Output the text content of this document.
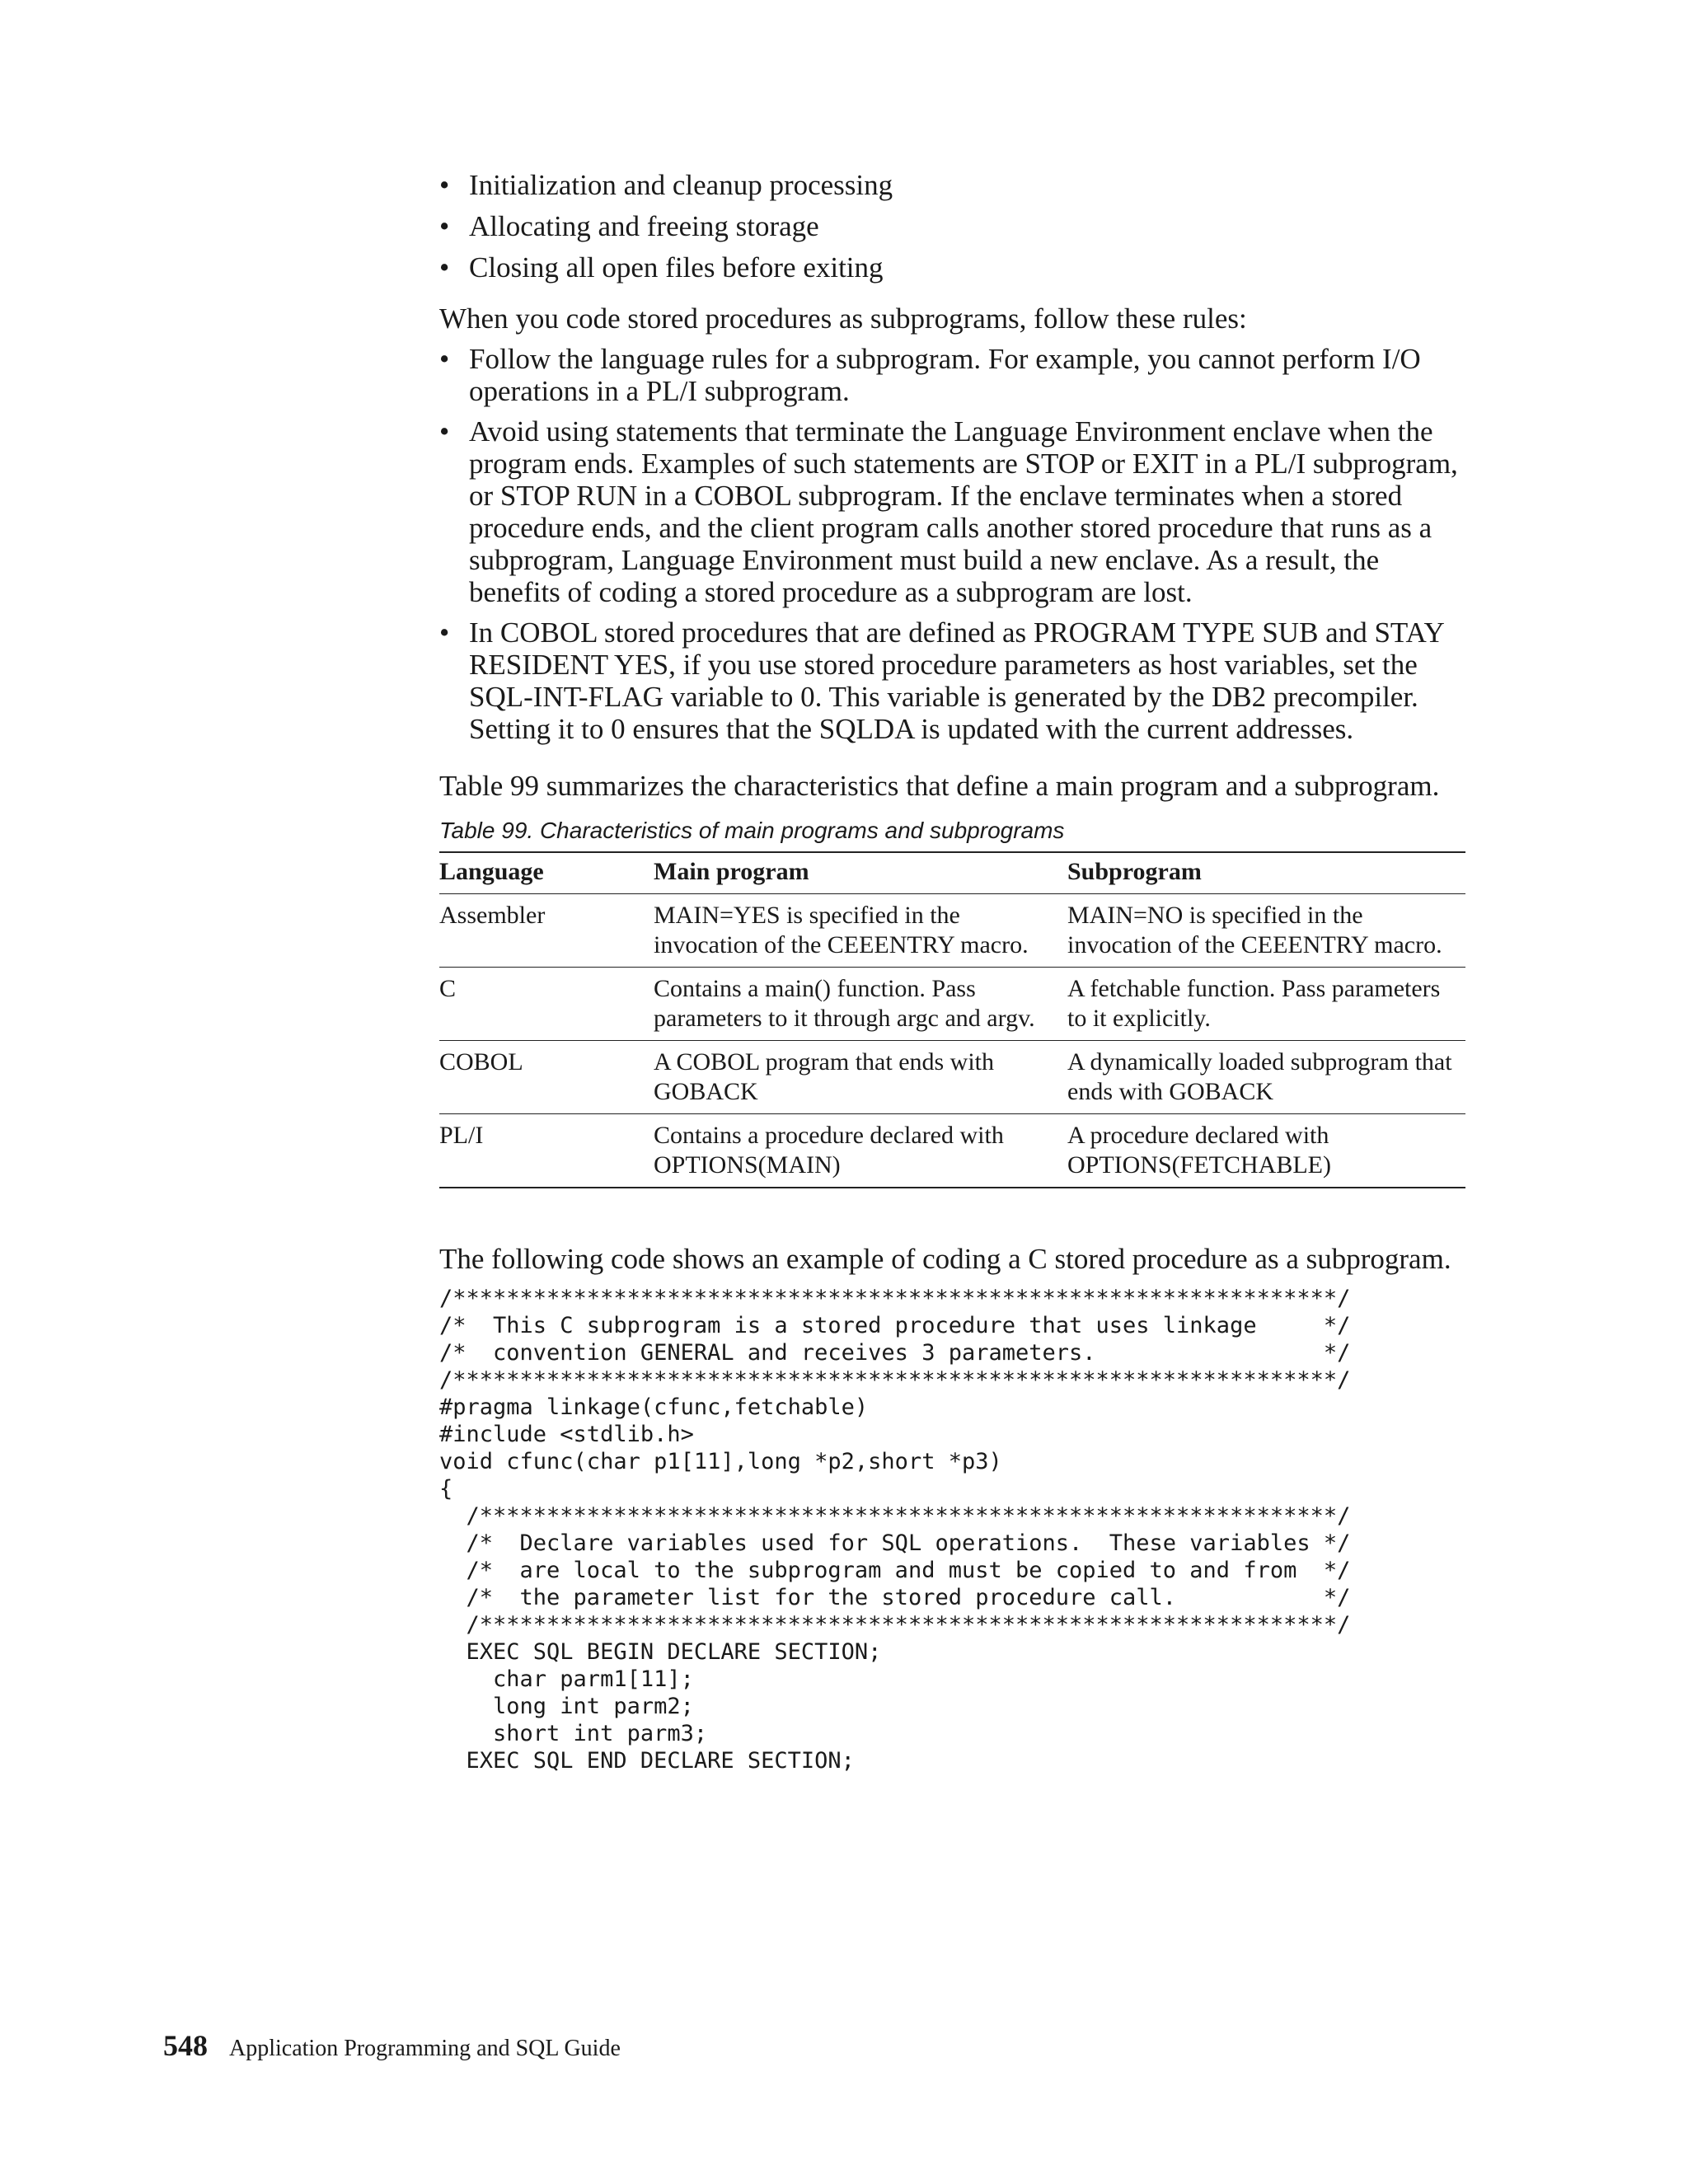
• Initialization and cleanup processing
• Allocating and freeing storage
• Closing all open files before exiting

When you code stored procedures as subprograms, follow these rules:

• Follow the language rules for a subprogram. For example, you cannot perform I/O operations in a PL/I subprogram.
• Avoid using statements that terminate the Language Environment enclave when the program ends. Examples of such statements are STOP or EXIT in a PL/I subprogram, or STOP RUN in a COBOL subprogram. If the enclave terminates when a stored procedure ends, and the client program calls another stored procedure that runs as a subprogram, Language Environment must build a new enclave. As a result, the benefits of coding a stored procedure as a subprogram are lost.
• In COBOL stored procedures that are defined as PROGRAM TYPE SUB and STAY RESIDENT YES, if you use stored procedure parameters as host variables, set the SQL-INT-FLAG variable to 0. This variable is generated by the DB2 precompiler. Setting it to 0 ensures that the SQLDA is updated with the current addresses.

Table 99 summarizes the characteristics that define a main program and a subprogram.

Table 99. Characteristics of main programs and subprograms
Language	Main program	Subprogram
Assembler	MAIN=YES is specified in the invocation of the CEEENTRY macro.	MAIN=NO is specified in the invocation of the CEEENTRY macro.
C	Contains a main() function. Pass parameters to it through argc and argv.	A fetchable function. Pass parameters to it explicitly.
COBOL	A COBOL program that ends with GOBACK	A dynamically loaded subprogram that ends with GOBACK
PL/I	Contains a procedure declared with OPTIONS(MAIN)	A procedure declared with OPTIONS(FETCHABLE)

The following code shows an example of coding a C stored procedure as a subprogram.

/******************************************************************/
/*  This C subprogram is a stored procedure that uses linkage     */
/*  convention GENERAL and receives 3 parameters.                 */
/******************************************************************/
#pragma linkage(cfunc,fetchable)
#include <stdlib.h>
void cfunc(char p1[11],long *p2,short *p3)
{
/****************************************************************/
/*  Declare variables used for SQL operations.  These variables */
/*  are local to the subprogram and must be copied to and from  */
/*  the parameter list for the stored procedure call.           */
/****************************************************************/
EXEC SQL BEGIN DECLARE SECTION;
char parm1[11];
long int parm2;
short int parm3;
EXEC SQL END DECLARE SECTION;
548 Application Programming and SQL Guide
